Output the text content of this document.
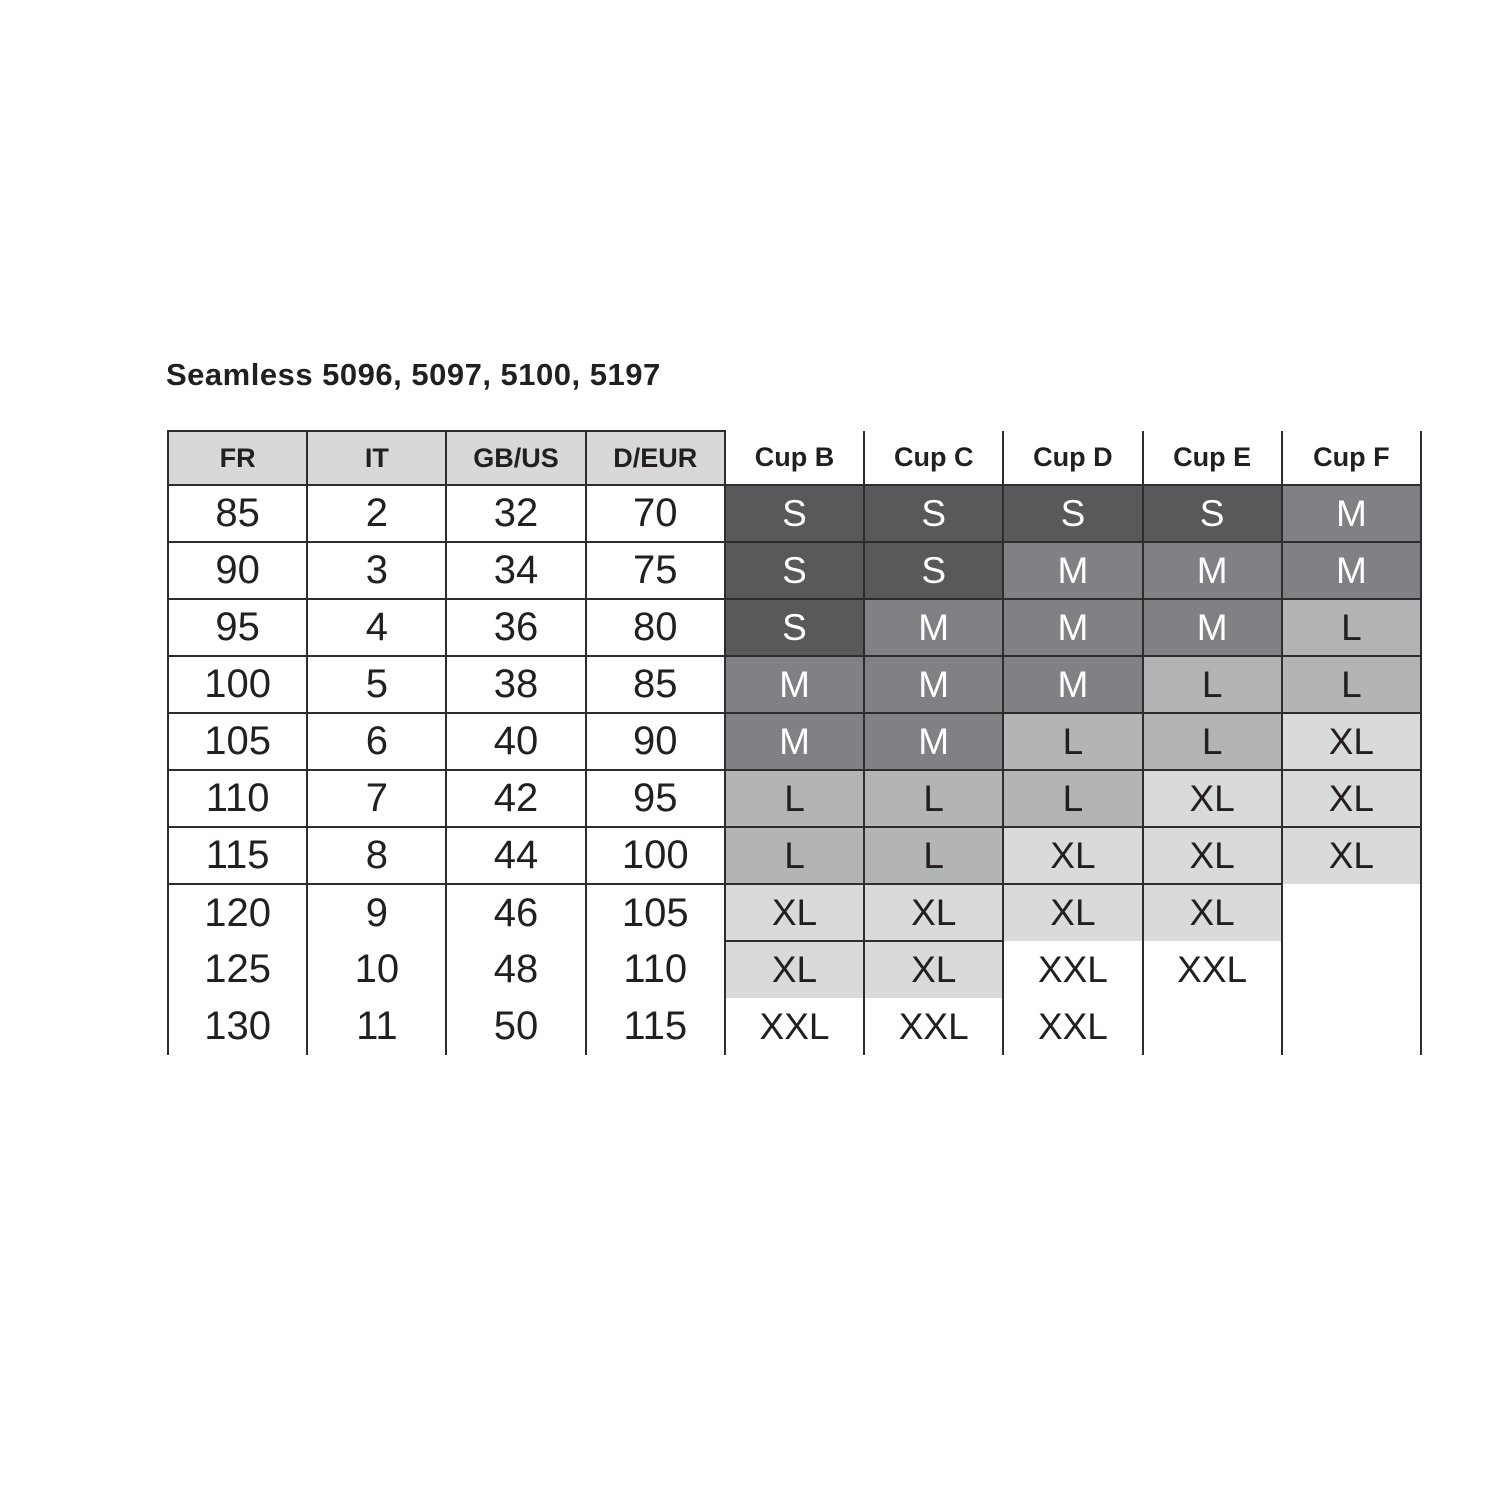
Seamless 5096, 5097, 5100, 5197
FR	IT	GB/US	D/EUR	Cup B	Cup C	Cup D	Cup E	Cup F
85	2	32	70	S	S	S	S	M
90	3	34	75	S	S	M	M	M
95	4	36	80	S	M	M	M	L
100	5	38	85	M	M	M	L	L
105	6	40	90	M	M	L	L	XL
110	7	42	95	L	L	L	XL	XL
115	8	44	100	L	L	XL	XL	XL
120	9	46	105	XL	XL	XL	XL	
125	10	48	110	XL	XL	XXL	XXL	
130	11	50	115	XXL	XXL	XXL		
